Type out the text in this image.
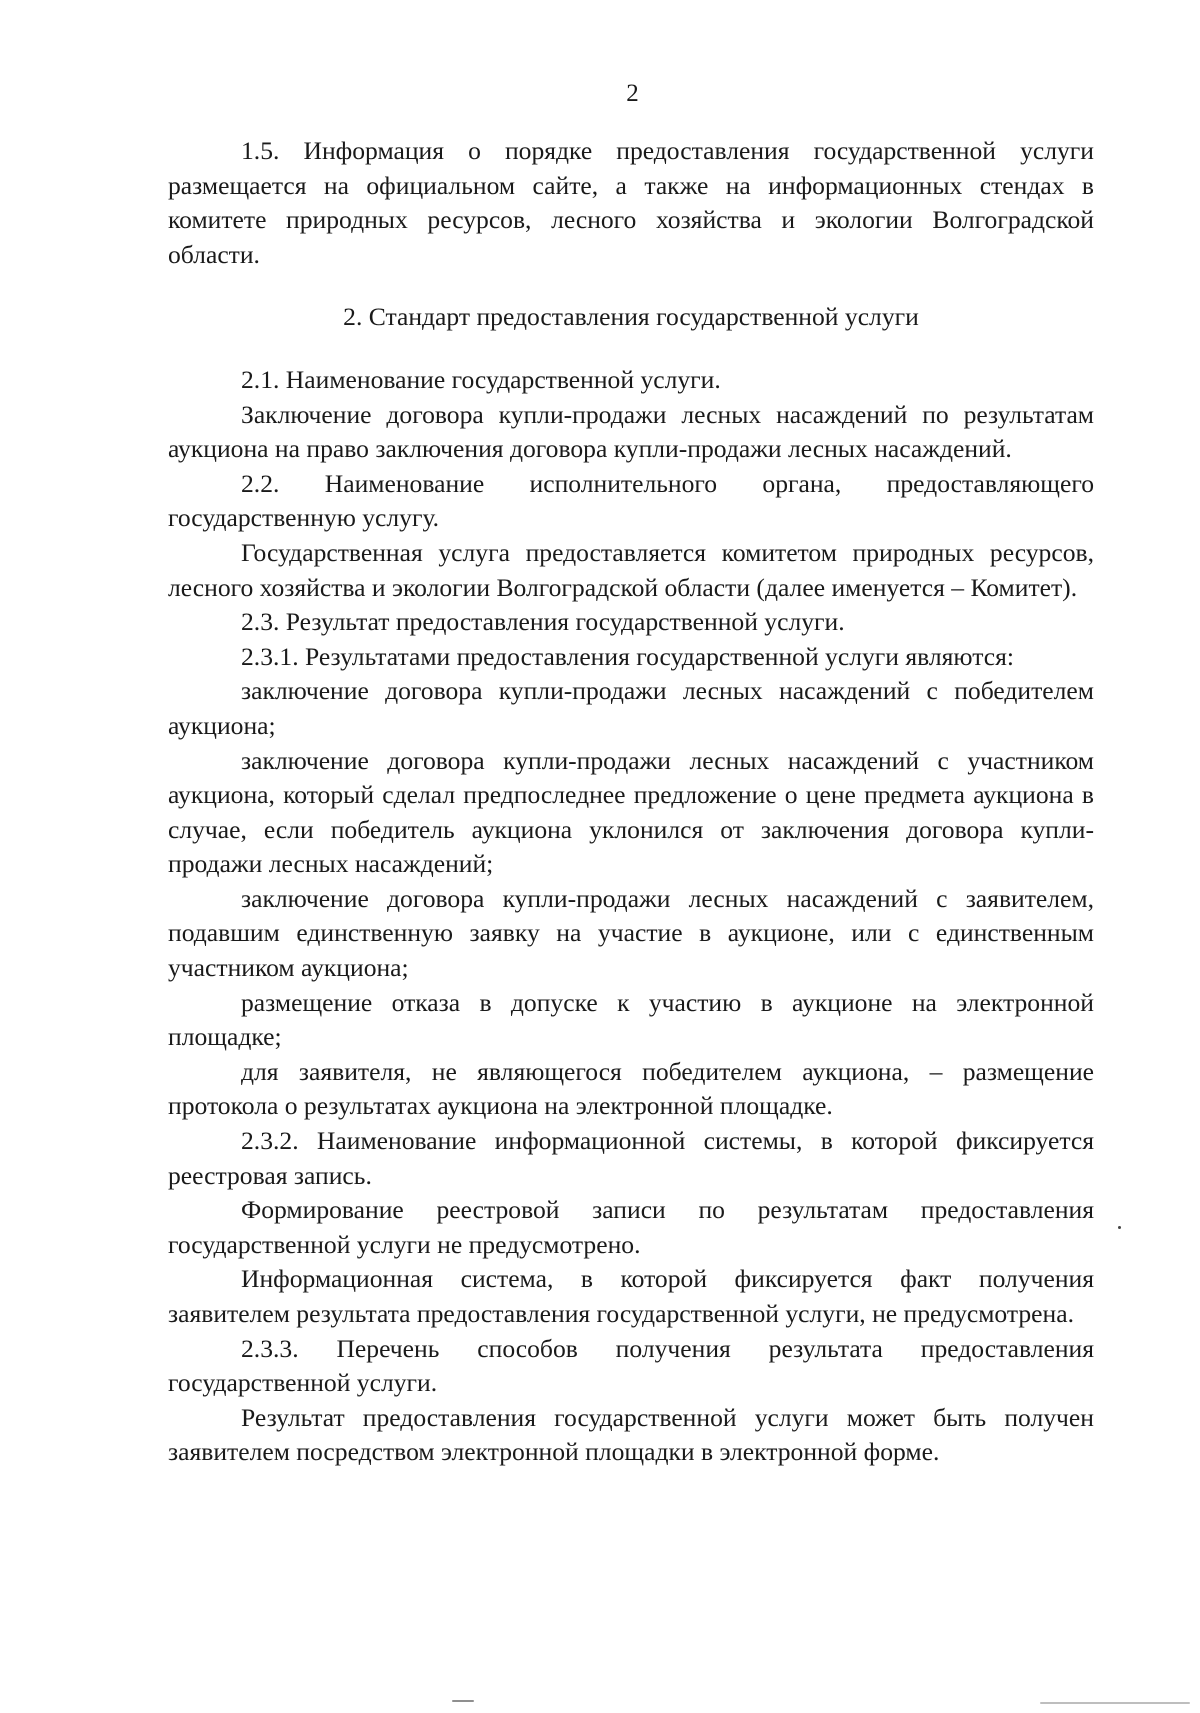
2

1.5. Информация о порядке предоставления государственной услуги размещается на официальном сайте, а также на информационных стендах в комитете природных ресурсов, лесного хозяйства и экологии Волгоградской области.

2. Стандарт предоставления государственной услуги

2.1. Наименование государственной услуги.

Заключение договора купли-продажи лесных насаждений по результатам аукциона на право заключения договора купли-продажи лесных насаждений.

2.2. Наименование исполнительного органа, предоставляющего государственную услугу.

Государственная услуга предоставляется комитетом природных ресурсов, лесного хозяйства и экологии Волгоградской области (далее именуется – Комитет).

2.3. Результат предоставления государственной услуги.

2.3.1. Результатами предоставления государственной услуги являются:

заключение договора купли-продажи лесных насаждений с победителем аукциона;

заключение договора купли-продажи лесных насаждений с участником аукциона, который сделал предпоследнее предложение о цене предмета аукциона в случае, если победитель аукциона уклонился от заключения договора купли-продажи лесных насаждений;

заключение договора купли-продажи лесных насаждений с заявителем, подавшим единственную заявку на участие в аукционе, или с единственным участником аукциона;

размещение отказа в допуске к участию в аукционе на электронной площадке;

для заявителя, не являющегося победителем аукциона, – размещение протокола о результатах аукциона на электронной площадке.

2.3.2. Наименование информационной системы, в которой фиксируется реестровая запись.

Формирование реестровой записи по результатам предоставления государственной услуги не предусмотрено.

Информационная система, в которой фиксируется факт получения заявителем результата предоставления государственной услуги, не предусмотрена.

2.3.3. Перечень способов получения результата предоставления государственной услуги.

Результат предоставления государственной услуги может быть получен заявителем посредством электронной площадки в электронной форме.
